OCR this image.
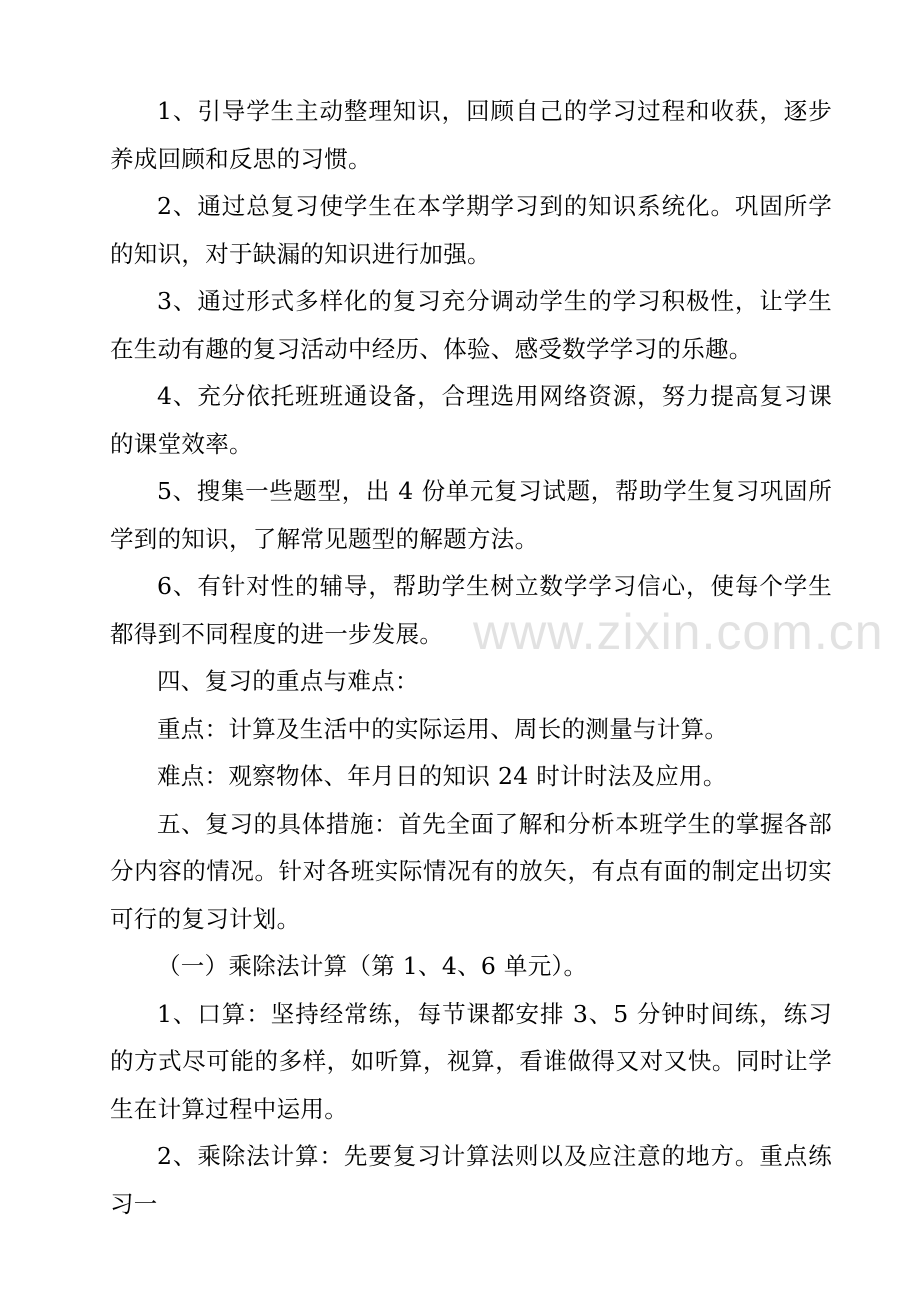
1、引导学生主动整理知识，回顾自己的学习过程和收获，逐步养成回顾和反思的习惯。

2、通过总复习使学生在本学期学习到的知识系统化。巩固所学的知识，对于缺漏的知识进行加强。

3、通过形式多样化的复习充分调动学生的学习积极性，让学生在生动有趣的复习活动中经历、体验、感受数学学习的乐趣。

4、充分依托班班通设备，合理选用网络资源，努力提高复习课的课堂效率。

5、搜集一些题型，出 4 份单元复习试题，帮助学生复习巩固所学到的知识，了解常见题型的解题方法。

6、有针对性的辅导，帮助学生树立数学学习信心，使每个学生都得到不同程度的进一步发展。

四、复习的重点与难点：

重点：计算及生活中的实际运用、周长的测量与计算。

难点：观察物体、年月日的知识 24 时计时法及应用。

五、复习的具体措施：首先全面了解和分析本班学生的掌握各部分内容的情况。针对各班实际情况有的放矢，有点有面的制定出切实可行的复习计划。

（一）乘除法计算（第 1、4、6 单元）。

1、口算：坚持经常练，每节课都安排 3、5 分钟时间练，练习的方式尽可能的多样，如听算，视算，看谁做得又对又快。同时让学生在计算过程中运用。

2、乘除法计算：先要复习计算法则以及应注意的地方。重点练习一

www.zixin.com.cn
